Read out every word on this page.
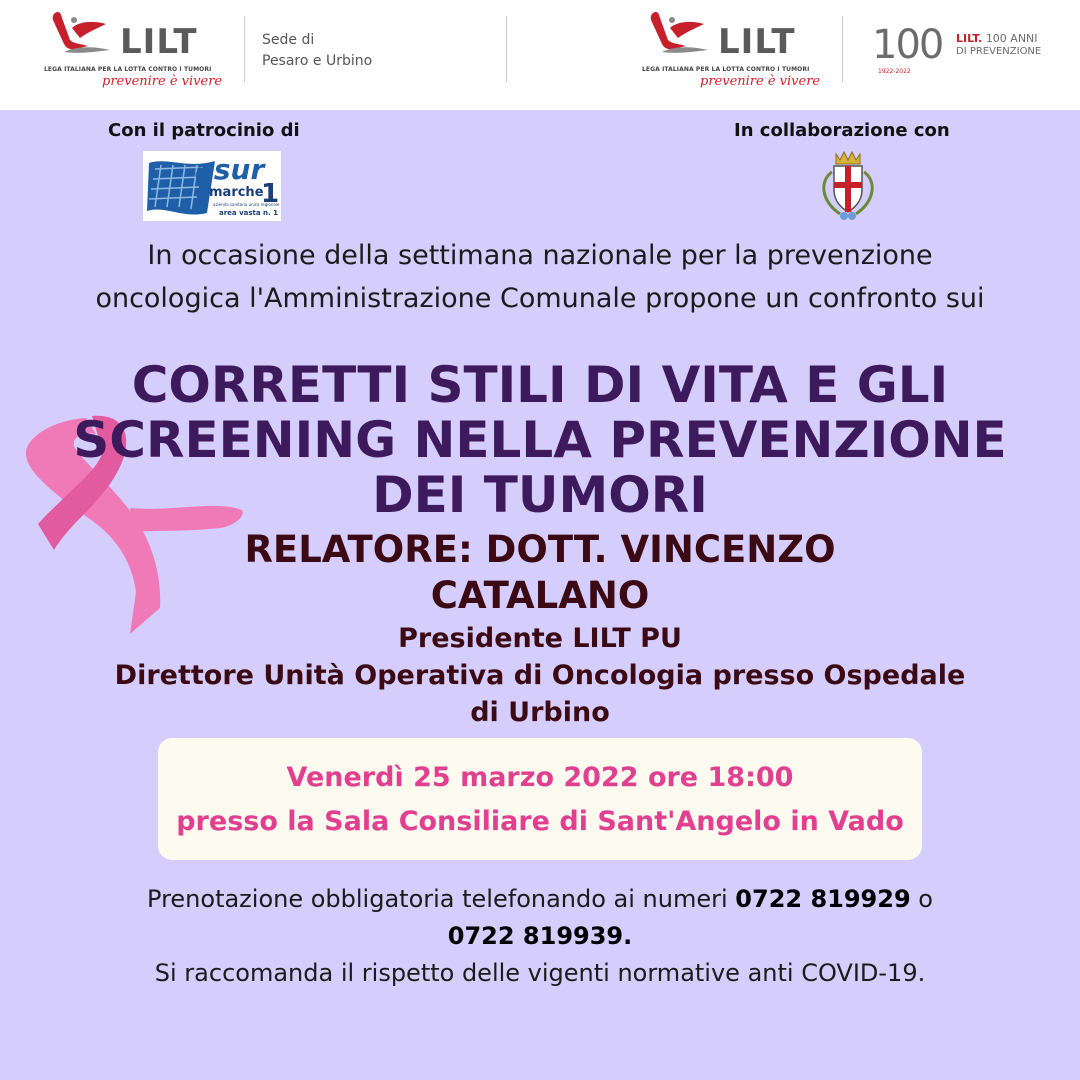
LILT
LEGA ITALIANA PER LA LOTTA CONTRO I TUMORI
prevenire è vivere
Sede di
Pesaro e Urbino	LILT
LEGA ITALIANA PER LA LOTTA CONTRO I TUMORI
prevenire è vivere
100
1922-2022
LILT. 100 ANNI
DI PREVENZIONE
Con il patrocinio di	In collaborazione con
asur
marche
1
azienda sanitaria unica regionale
area vasta n. 1
In occasione della settimana nazionale per la prevenzione oncologica l'Amministrazione Comunale propone un confronto sui
CORRETTI STILI DI VITA E GLI SCREENING NELLA PREVENZIONE DEI TUMORI
RELATORE: DOTT. VINCENZO CATALANO
Presidente LILT PU
Direttore Unità Operativa di Oncologia presso Ospedale di Urbino
Venerdì 25 marzo 2022 ore 18:00
presso la Sala Consiliare di Sant'Angelo in Vado
Prenotazione obbligatoria telefonando ai numeri 0722 819929 o
0722 819939.
Si raccomanda il rispetto delle vigenti normative anti COVID-19.
